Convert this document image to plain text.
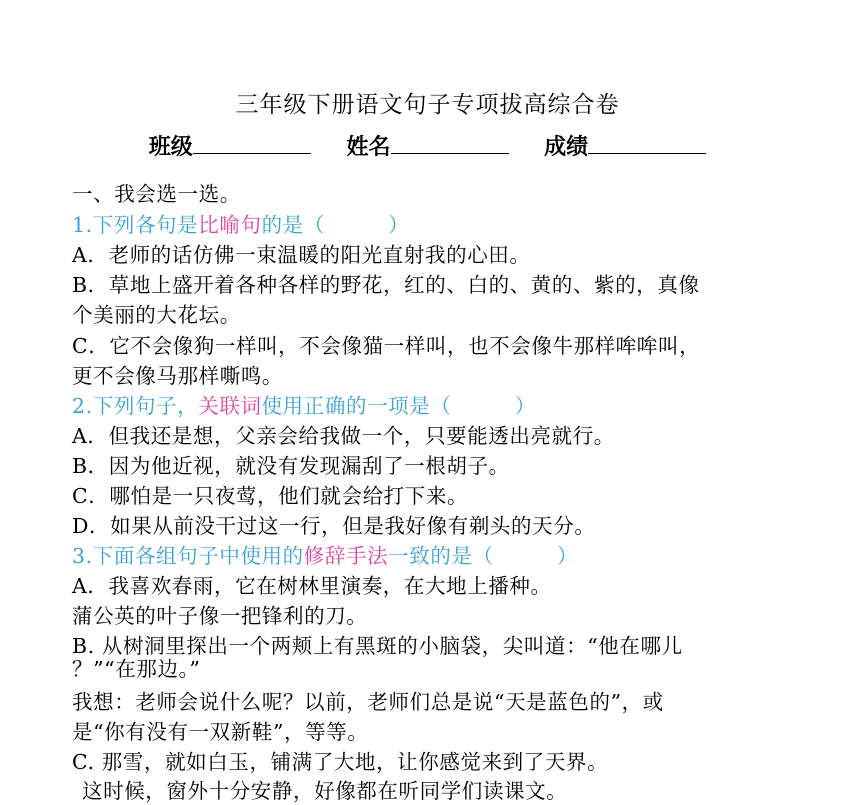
三年级下册语文句子专项拔高综合卷
班级	姓名	成绩
一、我会选一选。
1.下列各句是比喻句的是（　　　）
A．老师的话仿佛一束温暖的阳光直射我的心田。
B．草地上盛开着各种各样的野花，红的、白的、黄的、紫的，真像
个美丽的大花坛。
C．它不会像狗一样叫，不会像猫一样叫，也不会像牛那样哞哞叫，
更不会像马那样嘶鸣。
2.下列句子，关联词使用正确的一项是（　　　）
A．但我还是想，父亲会给我做一个，只要能透出亮就行。
B．因为他近视，就没有发现漏刮了一根胡子。
C．哪怕是一只夜莺，他们就会给打下来。
D．如果从前没干过这一行，但是我好像有剃头的天分。
3.下面各组句子中使用的修辞手法一致的是（　　　）
A．我喜欢春雨，它在树林里演奏，在大地上播种。
蒲公英的叶子像一把锋利的刀。
B. 从树洞里探出一个两颊上有黑斑的小脑袋，尖叫道：“他在哪儿
？”“在那边。”
我想：老师会说什么呢？以前，老师们总是说“天是蓝色的”，或
是“你有没有一双新鞋”，等等。
C. 那雪，就如白玉，铺满了大地，让你感觉来到了天界。
这时候，窗外十分安静，好像都在听同学们读课文。
